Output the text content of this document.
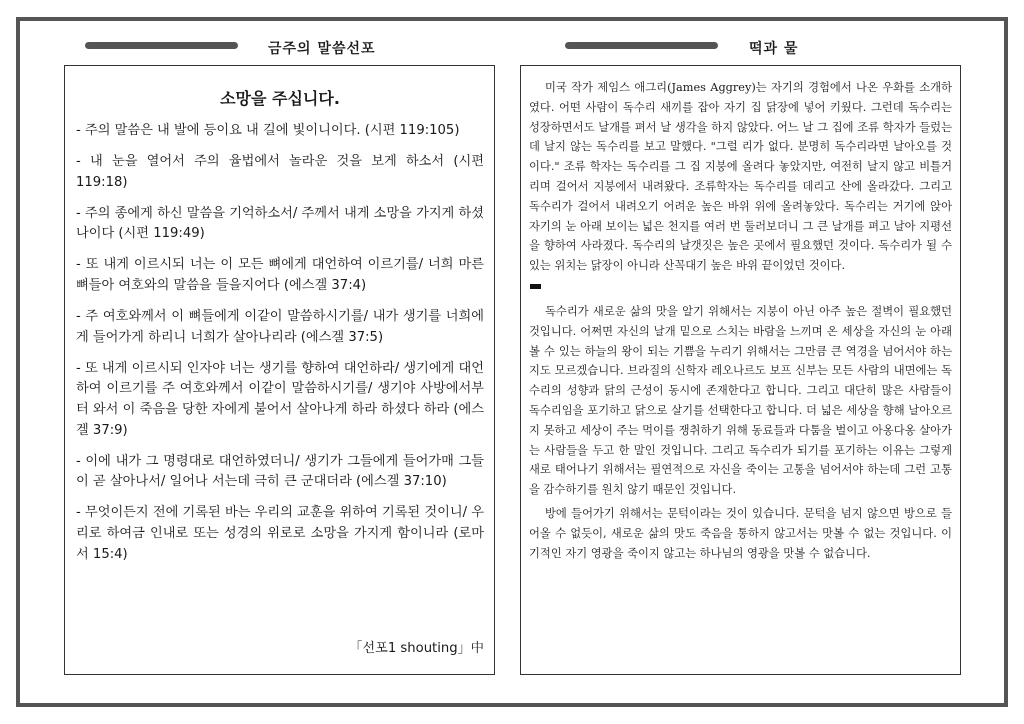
금주의 말씀선포	떡과 물
소망을 주십니다.

- 주의 말씀은 내 발에 등이요 내 길에 빛이니이다. (시편 119:105)

- 내 눈을 열어서 주의 율법에서 놀라운 것을 보게 하소서 (시편 119:18)

- 주의 종에게 하신 말씀을 기억하소서/ 주께서 내게 소망을 가지게 하셨나이다 (시편 119:49)

- 또 내게 이르시되 너는 이 모든 뼈에게 대언하여 이르기를/ 너희 마른 뼈들아 여호와의 말씀을 들을지어다 (에스겔 37:4)

- 주 여호와께서 이 뼈들에게 이같이 말씀하시기를/ 내가 생기를 너희에게 들어가게 하리니 너희가 살아나리라 (에스겔 37:5)

- 또 내게 이르시되 인자야 너는 생기를 향하여 대언하라/ 생기에게 대언하여 이르기를 주 여호와께서 이같이 말씀하시기를/ 생기야 사방에서부터 와서 이 죽음을 당한 자에게 불어서 살아나게 하라 하셨다 하라 (에스겔 37:9)

- 이에 내가 그 명령대로 대언하였더니/ 생기가 그들에게 들어가매 그들이 곧 살아나서/ 일어나 서는데 극히 큰 군대더라 (에스겔 37:10)

- 무엇이든지 전에 기록된 바는 우리의 교훈을 위하여 기록된 것이니/ 우리로 하여금 인내로 또는 성경의 위로로 소망을 가지게 함이니라 (로마서 15:4)

「선포1 shouting」中

미국 작가 제임스 애그리(James Aggrey)는 자기의 경험에서 나온 우화를 소개하였다. 어떤 사람이 독수리 새끼를 잡아 자기 집 닭장에 넣어 키웠다. 그런데 독수리는 성장하면서도 날개를 펴서 날 생각을 하지 않았다. 어느 날 그 집에 조류 학자가 들렀는데 날지 않는 독수리를 보고 말했다. "그럴 리가 없다. 분명히 독수리라면 날아오를 것이다." 조류 학자는 독수리를 그 집 지붕에 올려다 놓았지만, 여전히 날지 않고 비틀거리며 걸어서 지붕에서 내려왔다. 조류학자는 독수리를 데리고 산에 올라갔다. 그리고 독수리가 걸어서 내려오기 어려운 높은 바위 위에 올려놓았다. 독수리는 거기에 앉아 자기의 눈 아래 보이는 넓은 천지를 여러 번 둘러보더니 그 큰 날개를 펴고 날아 지평선을 향하여 사라졌다. 독수리의 날갯짓은 높은 곳에서 필요했던 것이다. 독수리가 될 수 있는 위치는 닭장이 아니라 산꼭대기 높은 바위 끝이었던 것이다.

독수리가 새로운 삶의 맛을 알기 위해서는 지붕이 아닌 아주 높은 절벽이 필요했던 것입니다. 어쩌면 자신의 날개 밑으로 스치는 바람을 느끼며 온 세상을 자신의 눈 아래 볼 수 있는 하늘의 왕이 되는 기쁨을 누리기 위해서는 그만큼 큰 역경을 넘어서야 하는지도 모르겠습니다. 브라질의 신학자 레오나르도 보프 신부는 모든 사람의 내면에는 독수리의 성향과 닭의 근성이 동시에 존재한다고 합니다. 그리고 대단히 많은 사람들이 독수리임을 포기하고 닭으로 살기를 선택한다고 합니다. 더 넓은 세상을 향해 날아오르지 못하고 세상이 주는 먹이를 쟁취하기 위해 동료들과 다툼을 벌이고 아옹다옹 살아가는 사람들을 두고 한 말인 것입니다. 그리고 독수리가 되기를 포기하는 이유는 그렇게 새로 태어나기 위해서는 필연적으로 자신을 죽이는 고통을 넘어서야 하는데 그런 고통을 감수하기를 원치 않기 때문인 것입니다.

방에 들어가기 위해서는 문턱이라는 것이 있습니다. 문턱을 넘지 않으면 방으로 들어올 수 없듯이, 새로운 삶의 맛도 죽음을 통하지 않고서는 맛볼 수 없는 것입니다. 이기적인 자기 영광을 죽이지 않고는 하나님의 영광을 맛볼 수 없습니다.
